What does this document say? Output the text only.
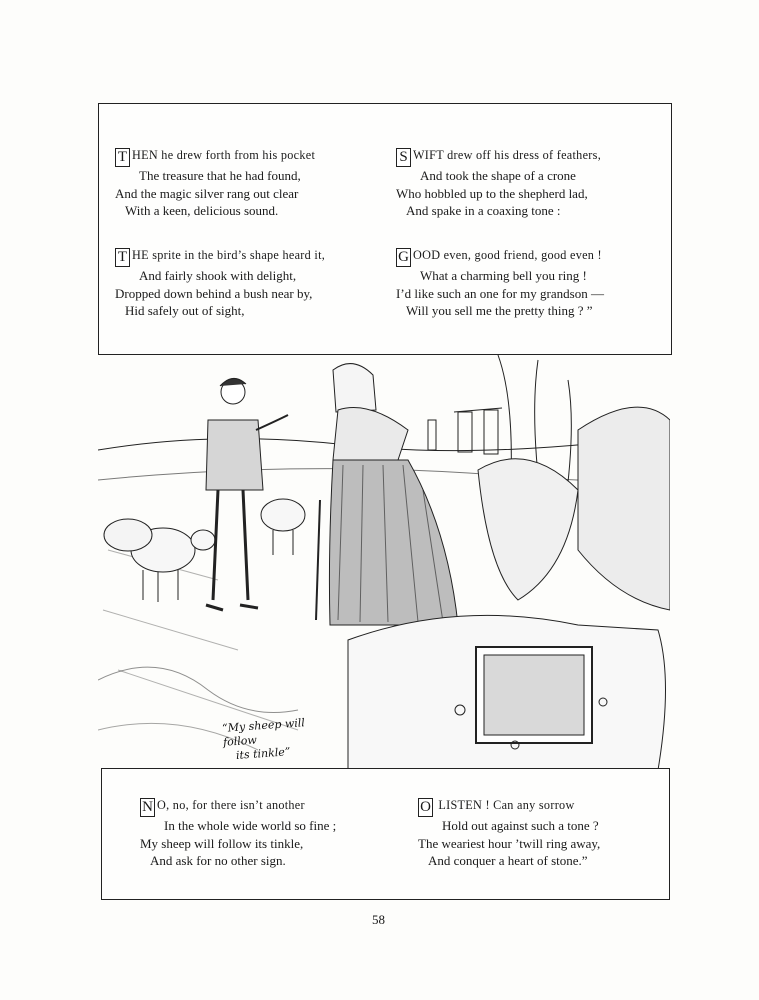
T HEN he drew forth from his pocket
The treasure that he had found,
And the magic silver rang out clear
With a keen, delicious sound.
S WIFT drew off his dress of feathers,
And took the shape of a crone
Who hobbled up to the shepherd lad,
And spake in a coaxing tone :
T HE sprite in the bird’s shape heard it,
And fairly shook with delight,
Dropped down behind a bush near by,
Hid safely out of sight,
G OOD even, good friend, good even !
What a charming bell you ring !
I’d like such an one for my grandson —
Will you sell me the pretty thing ? ”
“My sheep will follow
its tinkle”
N O, no, for there isn’t another
In the whole wide world so fine ;
My sheep will follow its tinkle,
And ask for no other sign.
O LISTEN ! Can any sorrow
Hold out against such a tone ?
The weariest hour ’twill ring away,
And conquer a heart of stone.”
58
